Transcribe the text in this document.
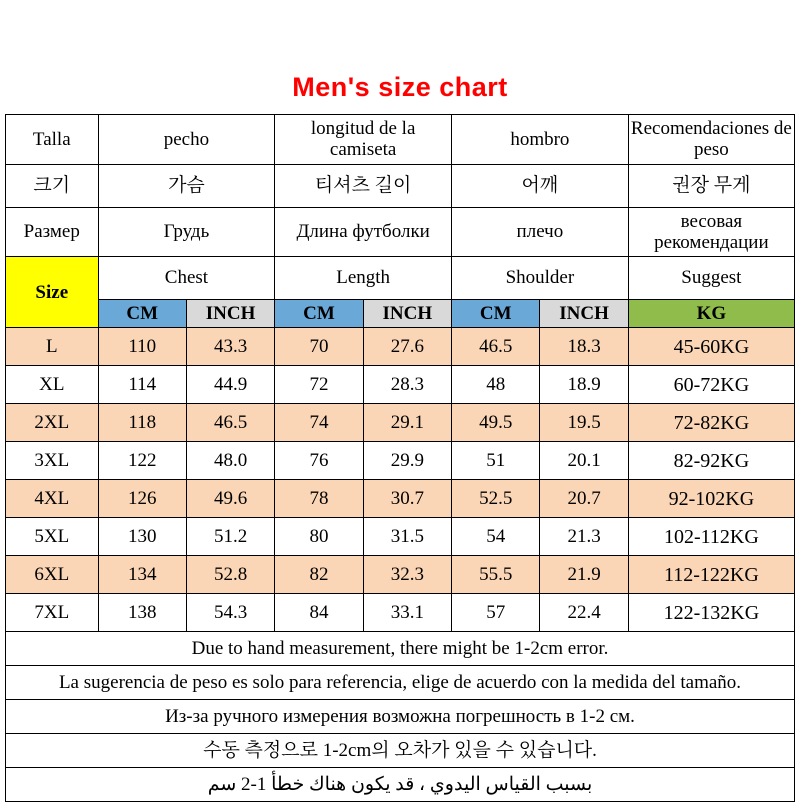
Men's size chart
Talla	pecho		longitud de la camiseta		hombro		Recomendaciones de peso
크기	가슴		티셔츠 길이		어깨		권장 무게
Размер	Грудь		Длина футболки		плечо		весовая рекомендации
Size	Chest		Length		Shoulder		Suggest
	CM	INCH	CM	INCH	CM	INCH	KG
L	110	43.3	70	27.6	46.5	18.3	45-60KG
XL	114	44.9	72	28.3	48	18.9	60-72KG
2XL	118	46.5	74	29.1	49.5	19.5	72-82KG
3XL	122	48.0	76	29.9	51	20.1	82-92KG
4XL	126	49.6	78	30.7	52.5	20.7	92-102KG
5XL	130	51.2	80	31.5	54	21.3	102-112KG
6XL	134	52.8	82	32.3	55.5	21.9	112-122KG
7XL	138	54.3	84	33.1	57	22.4	122-132KG
Due to hand measurement, there might be 1-2cm error.							
La sugerencia de peso es solo para referencia, elige de acuerdo con la medida del tamaño.							
Из-за ручного измерения возможна погрешность в 1-2 см.							
수동 측정으로 1-2cm의 오차가 있을 수 있습니다.							
بسبب القياس اليدوي ، قد يكون هناك خطأ 1-2 سم							
